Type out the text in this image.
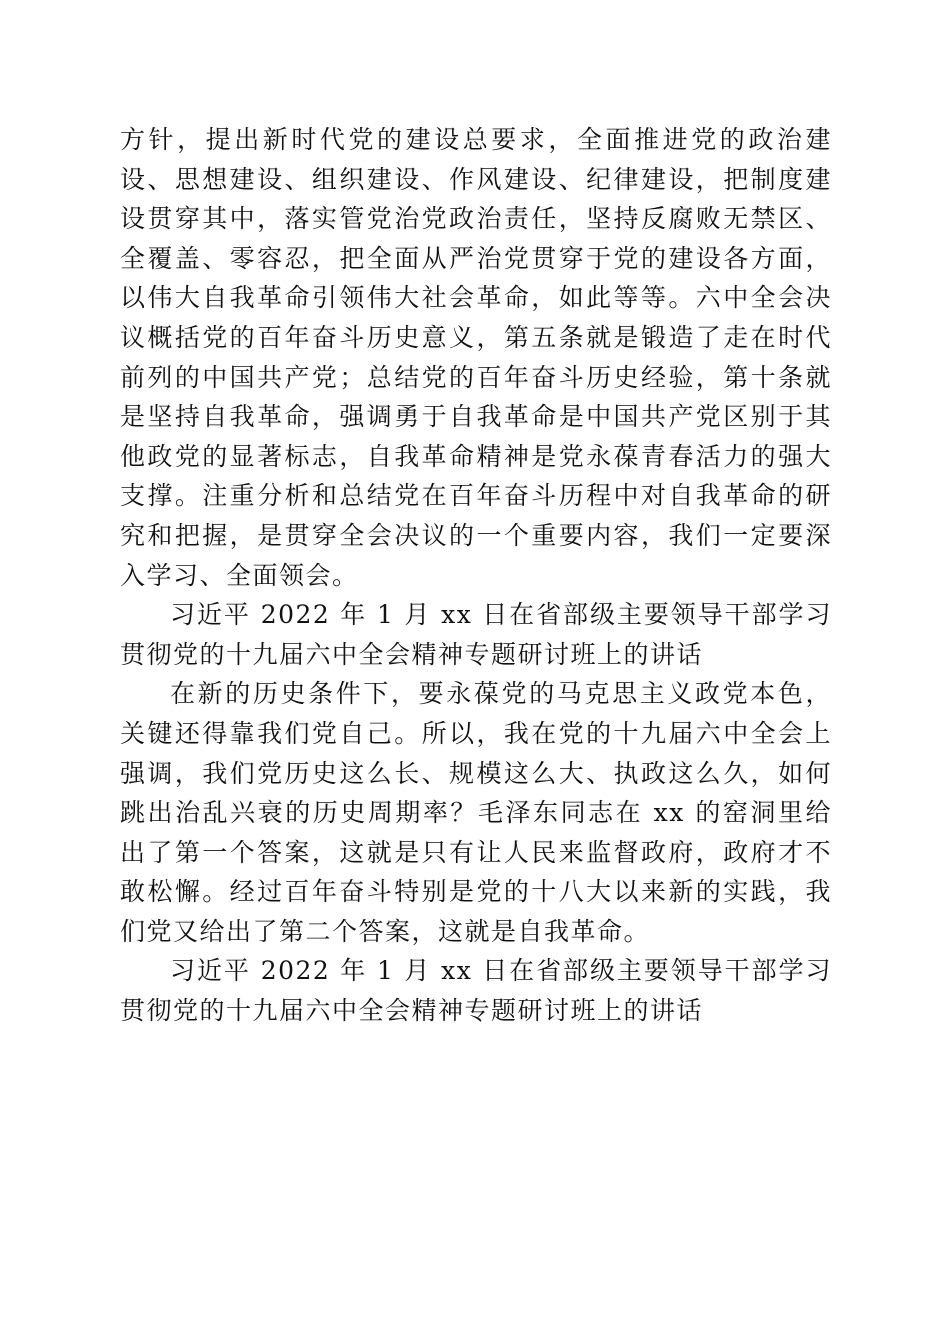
方针，提出新时代党的建设总要求，全面推进党的政治建设、思想建设、组织建设、作风建设、纪律建设，把制度建设贯穿其中，落实管党治党政治责任，坚持反腐败无禁区、全覆盖、零容忍，把全面从严治党贯穿于党的建设各方面，以伟大自我革命引领伟大社会革命，如此等等。六中全会决议概括党的百年奋斗历史意义，第五条就是锻造了走在时代前列的中国共产党；总结党的百年奋斗历史经验，第十条就是坚持自我革命，强调勇于自我革命是中国共产党区别于其他政党的显著标志，自我革命精神是党永葆青春活力的强大支撑。注重分析和总结党在百年奋斗历程中对自我革命的研究和把握，是贯穿全会决议的一个重要内容，我们一定要深入学习、全面领会。

习近平 2022 年 1 月 xx 日在省部级主要领导干部学习贯彻党的十九届六中全会精神专题研讨班上的讲话

在新的历史条件下，要永葆党的马克思主义政党本色，关键还得靠我们党自己。所以，我在党的十九届六中全会上强调，我们党历史这么长、规模这么大、执政这么久，如何跳出治乱兴衰的历史周期率？毛泽东同志在 xx 的窑洞里给出了第一个答案，这就是只有让人民来监督政府，政府才不敢松懈。经过百年奋斗特别是党的十八大以来新的实践，我们党又给出了第二个答案，这就是自我革命。

习近平 2022 年 1 月 xx 日在省部级主要领导干部学习贯彻党的十九届六中全会精神专题研讨班上的讲话
